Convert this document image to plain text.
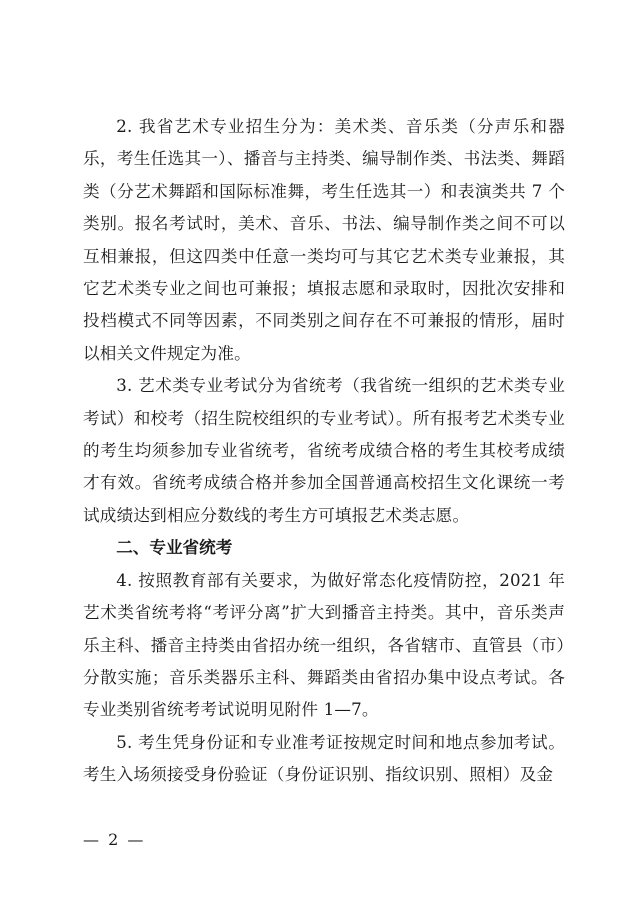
2. 我省艺术专业招生分为：美术类、音乐类（分声乐和器乐，考生任选其一）、播音与主持类、编导制作类、书法类、舞蹈类（分艺术舞蹈和国际标准舞，考生任选其一）和表演类共 7 个类别。报名考试时，美术、音乐、书法、编导制作类之间不可以互相兼报，但这四类中任意一类均可与其它艺术类专业兼报，其它艺术类专业之间也可兼报；填报志愿和录取时，因批次安排和投档模式不同等因素，不同类别之间存在不可兼报的情形，届时以相关文件规定为准。

3. 艺术类专业考试分为省统考（我省统一组织的艺术类专业考试）和校考（招生院校组织的专业考试）。所有报考艺术类专业的考生均须参加专业省统考，省统考成绩合格的考生其校考成绩才有效。省统考成绩合格并参加全国普通高校招生文化课统一考试成绩达到相应分数线的考生方可填报艺术类志愿。

二、专业省统考

4. 按照教育部有关要求，为做好常态化疫情防控，2021 年艺术类省统考将“考评分离”扩大到播音主持类。其中，音乐类声乐主科、播音主持类由省招办统一组织，各省辖市、直管县（市）分散实施；音乐类器乐主科、舞蹈类由省招办集中设点考试。各专业类别省统考考试说明见附件 1—7。

5. 考生凭身份证和专业准考证按规定时间和地点参加考试。考生入场须接受身份验证（身份证识别、指纹识别、照相）及金

— 2 —
